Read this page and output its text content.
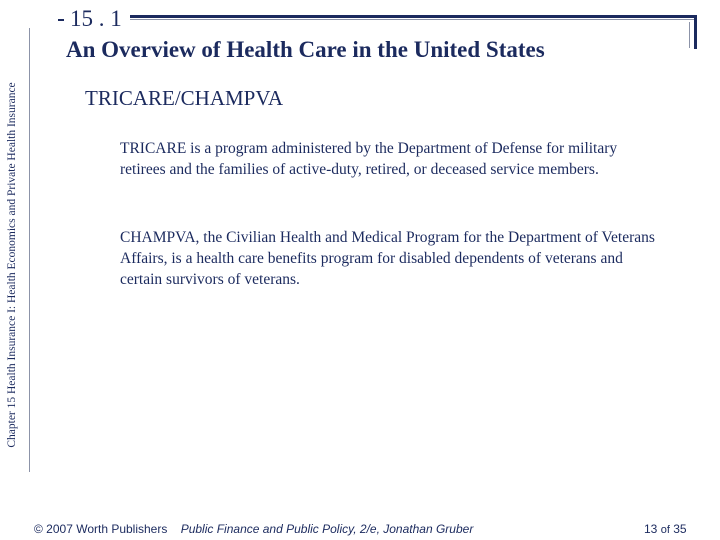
Chapter 15 Health Insurance I: Health Economics and Private Health Insurance
15 . 1
An Overview of Health Care in the United States
TRICARE/CHAMPVA
TRICARE is a program administered by the Department of Defense for military retirees and the families of active-duty, retired, or deceased service members.
CHAMPVA, the Civilian Health and Medical Program for the Department of Veterans Affairs, is a health care benefits program for disabled dependents of veterans and certain survivors of veterans.
© 2007 Worth Publishers Public Finance and Public Policy, 2/e, Jonathan Gruber	13 of 35
